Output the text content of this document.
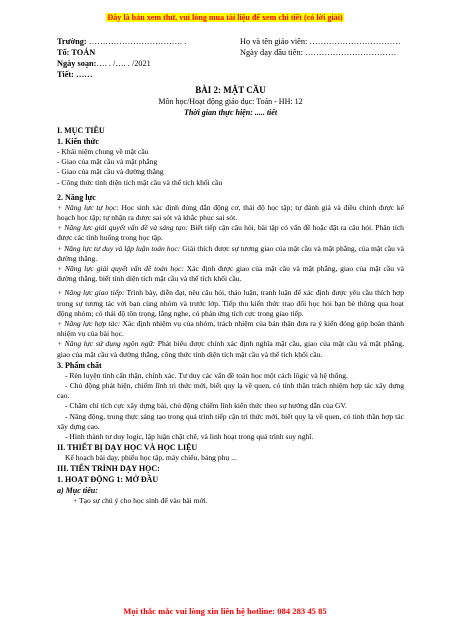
Đây là bản xem thử, vui lòng mua tài liệu để xem chi tiết (có lời giải)
Trường: ……………………………. .	Họ và tên giáo viên: ……………………………
Tổ: TOÁN	Ngày dạy đầu tiên: ……………………………
Ngày soạn: …. . /…. . /2021
Tiết: ……
BÀI 2: MẶT CẦU
Môn học/Hoạt động giáo dục: Toán - HH: 12
Thời gian thực hiện: ..... tiết
I. MỤC TIÊU
1. Kiến thức
- Khái niệm chung về mặt cầu
- Giao của mặt cầu và mặt phẳng
- Giao của mặt cầu và đường thẳng
- Công thức tính diện tích mặt cầu và thể tích khối cầu
2. Năng lực
+ Năng lực tự học: Học sinh xác định đúng đắn động cơ, thái độ học tập; tự đánh giá và điều chỉnh được kế hoạch học tập; tự nhận ra được sai sót và khắc phục sai sót.
+ Năng lực giải quyết vấn đề và sáng tạo: Biết tiếp cận câu hỏi, bài tập có vấn đề hoặc đặt ra câu hỏi. Phân tích được các tình huống trong học tập.
+ Năng lực tư duy và lập luận toán học: Giải thích được sự tương giao của mặt cầu và mặt phẳng, của mặt cầu và đường thẳng.
+ Năng lực giải quyết vấn đề toán học: Xác định được giao của mặt cầu và mặt phẳng, giao của mặt cầu và đường thẳng, biết tính diện tích mặt cầu và thể tích khối cầu.
+ Năng lực giao tiếp: Trình bày, diễn đạt, nêu câu hỏi, thảo luận, tranh luận để xác định được yêu cầu thích hợp trong sự tương tác với bạn cùng nhóm và trước lớp. Tiếp thu kiến thức trao đổi học hỏi bạn bè thông qua hoạt động nhóm; có thái độ tôn trọng, lắng nghe, có phản ứng tích cực trong giao tiếp.
+ Năng lực hợp tác: Xác định nhiệm vụ của nhóm, trách nhiệm của bản thân đưa ra ý kiến đóng góp hoàn thành nhiệm vụ của bài học.
+ Năng lực sử dụng ngôn ngữ: Phát biểu được chính xác định nghĩa mặt cầu, giao của mặt cầu và mặt phẳng, giao của mặt cầu và đường thẳng, công thức tính diện tích mặt cầu và thể tích khối cầu.
3. Phẩm chất
- Rèn luyện tính cẩn thận, chính xác. Tư duy các vấn đề toán học một cách lôgic và hệ thống.
- Chủ động phát hiện, chiếm lĩnh tri thức mới, biết quy lạ về quen, có tinh thần trách nhiệm hợp tác xây dựng cao.
- Chăm chỉ tích cực xây dựng bài, chủ động chiếm lĩnh kiến thức theo sự hướng dẫn của GV.
- Năng động, trung thực sáng tạo trong quá trình tiếp cận tri thức mới, biết quy lạ về quen, có tinh thần hợp tác xây dựng cao.
- Hình thành tư duy logic, lập luận chặt chẽ, và linh hoạt trong quá trình suy nghĩ.
II. THIẾT BỊ DẠY HỌC VÀ HỌC LIỆU
Kế hoạch bài dạy, phiếu học tập, máy chiếu, bảng phụ ...
III. TIẾN TRÌNH DẠY HỌC:
1. HOẠT ĐỘNG 1: MỞ ĐẦU
a) Mục tiêu:
+ Tạo sự chú ý cho học sinh để vào bài mới.
Mọi thắc mắc vui lòng xin liên hệ hotline: 084 283 45 85
